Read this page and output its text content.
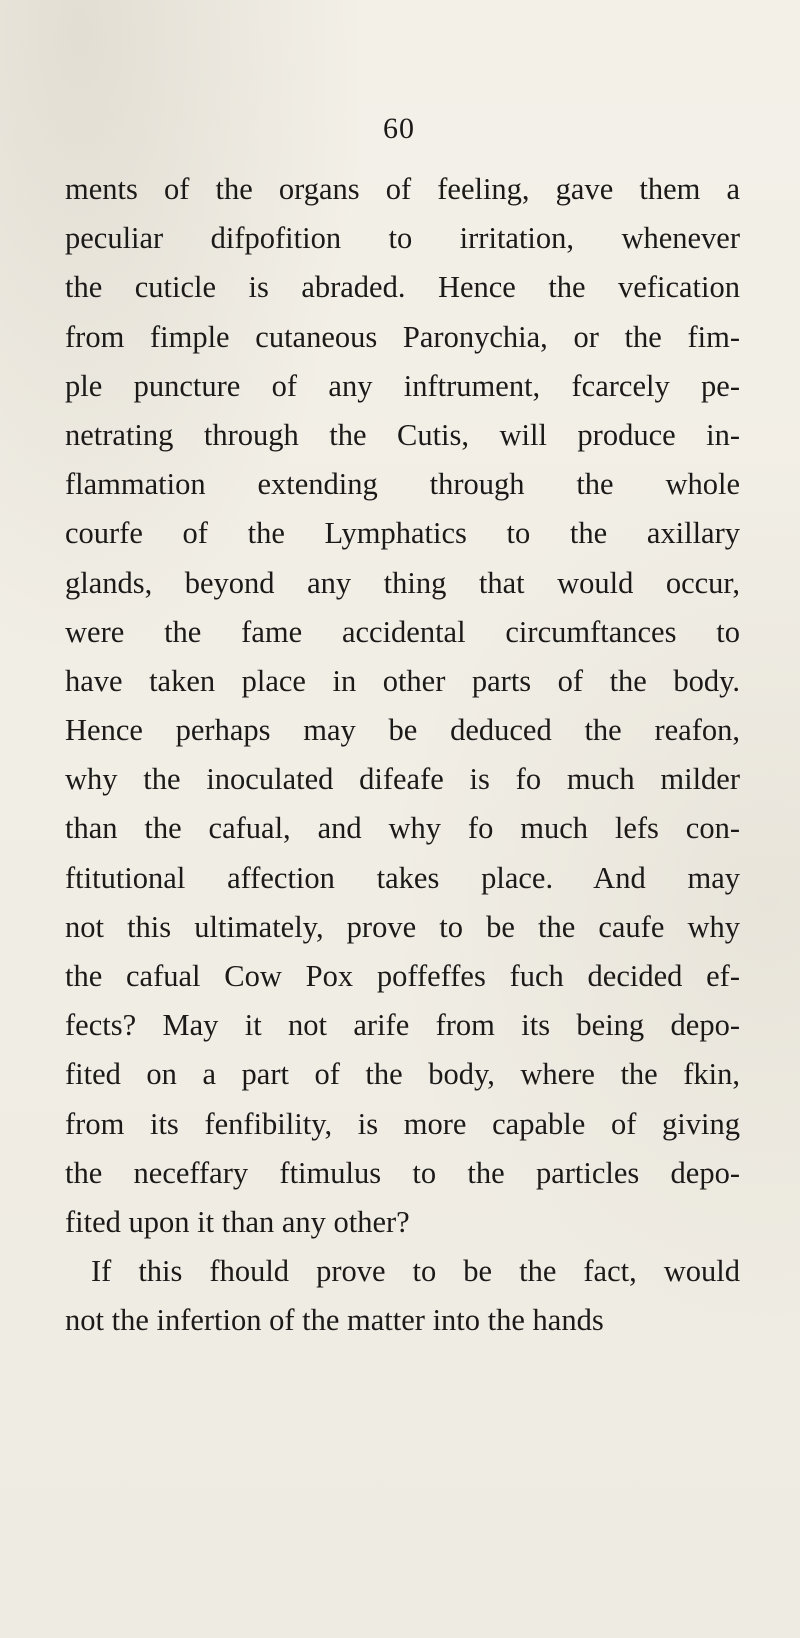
60
ments of the organs of feeling, gave them a
peculiar difpofition to irritation, whenever
the cuticle is abraded. Hence the vefication
from fimple cutaneous Paronychia, or the fim-
ple puncture of any inftrument, fcarcely pe-
netrating through the Cutis, will produce in-
flammation extending through the whole
courfe of the Lymphatics to the axillary
glands, beyond any thing that would occur,
were the fame accidental circumftances to
have taken place in other parts of the body.
Hence perhaps may be deduced the reafon,
why the inoculated difeafe is fo much milder
than the cafual, and why fo much lefs con-
ftitutional affection takes place. And may
not this ultimately, prove to be the caufe why
the cafual Cow Pox poffeffes fuch decided ef-
fects? May it not arife from its being depo-
fited on a part of the body, where the fkin,
from its fenfibility, is more capable of giving
the neceffary ftimulus to the particles depo-
fited upon it than any other?
If this fhould prove to be the fact, would
not the infertion of the matter into the hands
